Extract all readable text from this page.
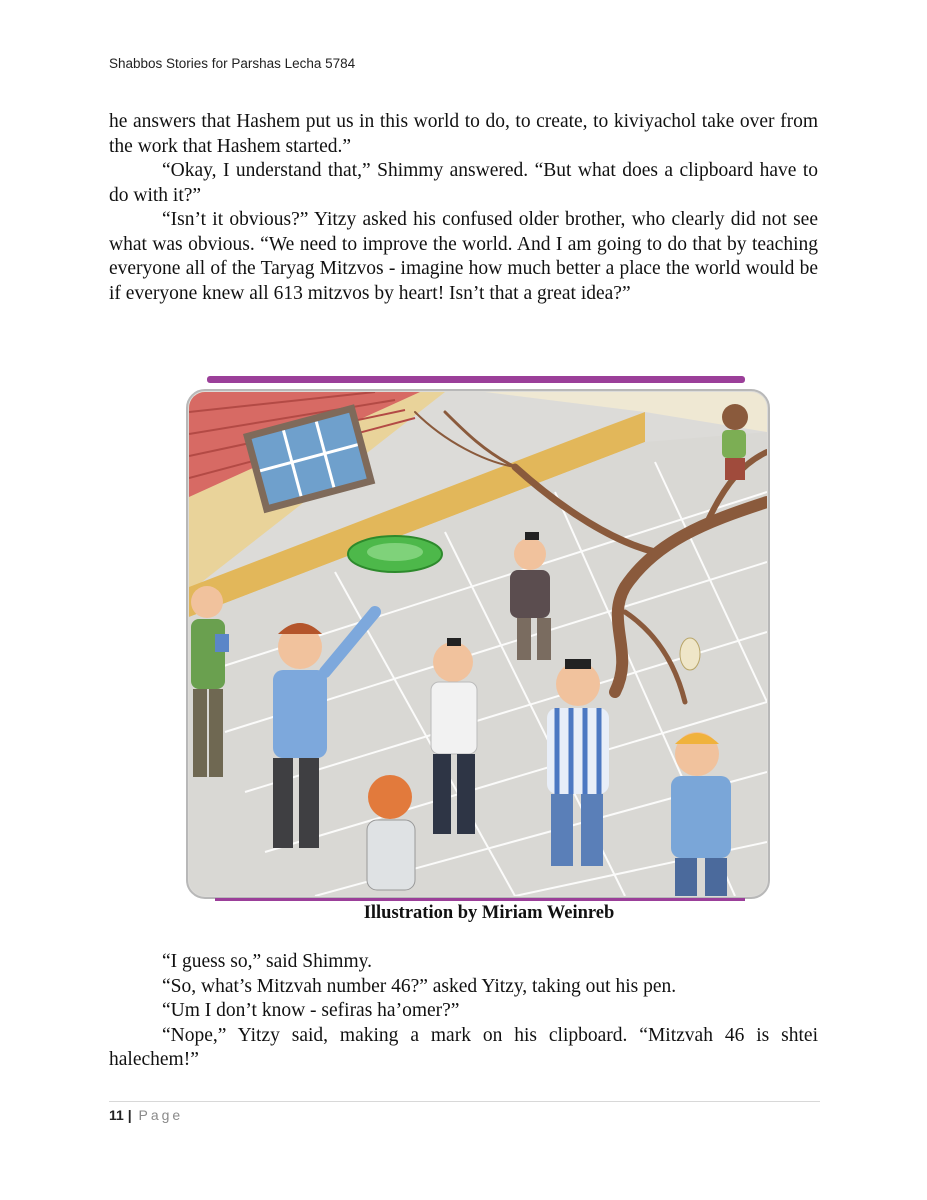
Shabbos Stories for Parshas Lecha 5784

he answers that Hashem put us in this world to do, to create, to kiviyachol take over from the work that Hashem started.”

“Okay, I understand that,” Shimmy answered. “But what does a clipboard have to do with it?”

“Isn’t it obvious?” Yitzy asked his confused older brother, who clearly did not see what was obvious. “We need to improve the world. And I am going to do that by teaching everyone all of the Taryag Mitzvos - imagine how much better a place the world would be if everyone knew all 613 mitzvos by heart! Isn’t that a great idea?”

Illustration by Miriam Weinreb

“I guess so,” said Shimmy.

“So, what’s Mitzvah number 46?” asked Yitzy, taking out his pen.

“Um I don’t know - sefiras ha’omer?”

“Nope,” Yitzy said, making a mark on his clipboard. “Mitzvah 46 is shtei halechem!”

11 | Page
